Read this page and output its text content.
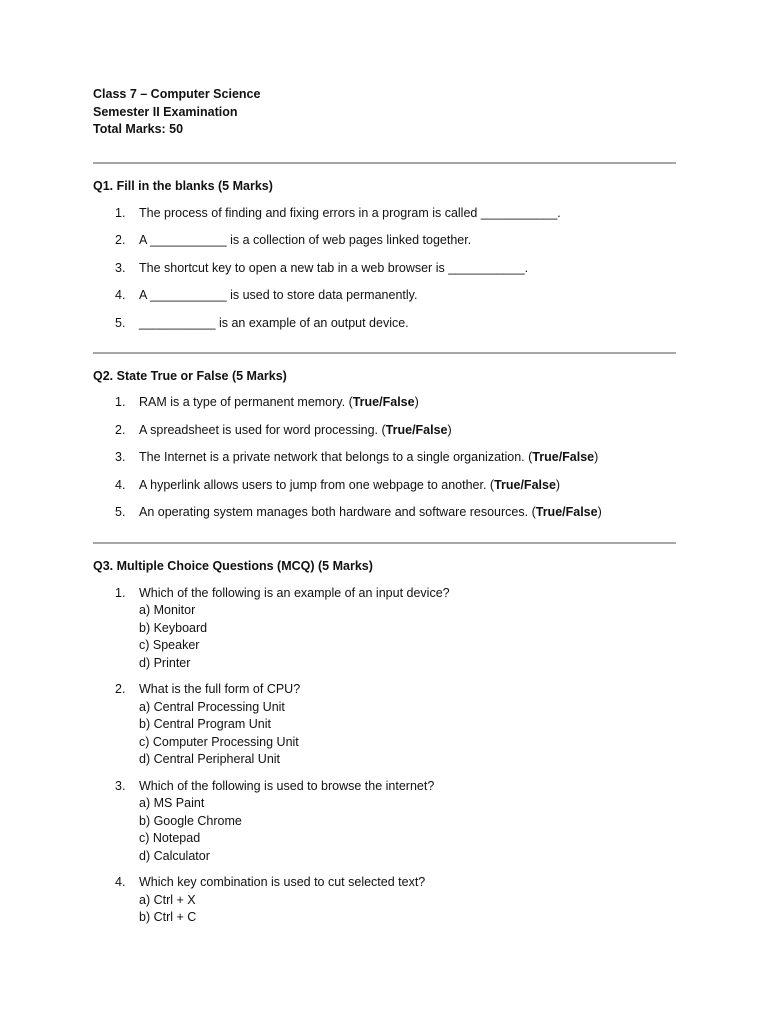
Class 7 – Computer Science

Semester II Examination

Total Marks: 50

Q1. Fill in the blanks (5 Marks)

1. The process of finding and fixing errors in a program is called ___________.
2. A ___________ is a collection of web pages linked together.
3. The shortcut key to open a new tab in a web browser is ___________.
4. A ___________ is used to store data permanently.
5. ___________ is an example of an output device.

Q2. State True or False (5 Marks)

1. RAM is a type of permanent memory. (True/False)
2. A spreadsheet is used for word processing. (True/False)
3. The Internet is a private network that belongs to a single organization. (True/False)
4. A hyperlink allows users to jump from one webpage to another. (True/False)
5. An operating system manages both hardware and software resources. (True/False)

Q3. Multiple Choice Questions (MCQ) (5 Marks)

1. Which of the following is an example of an input device?
a) Monitor
b) Keyboard
c) Speaker
d) Printer
2. What is the full form of CPU?
a) Central Processing Unit
b) Central Program Unit
c) Computer Processing Unit
d) Central Peripheral Unit
3. Which of the following is used to browse the internet?
a) MS Paint
b) Google Chrome
c) Notepad
d) Calculator
4. Which key combination is used to cut selected text?
a) Ctrl + X
b) Ctrl + C
